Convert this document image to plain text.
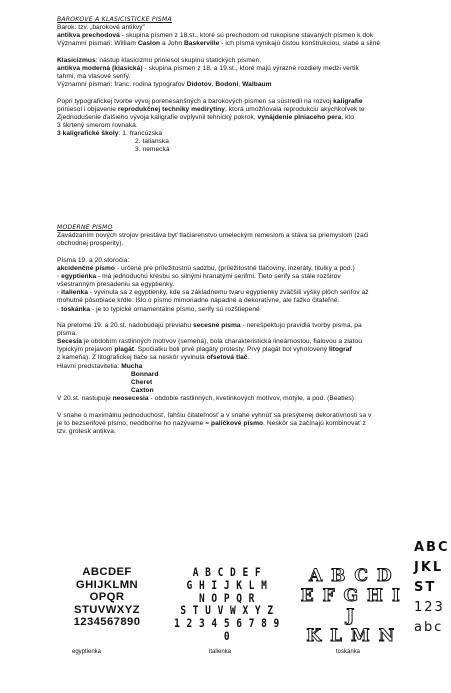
BAROKOVÉ A KLASICISTICKÉ PÍSMA

Barok: tzv. „barokové antikvy"

antikva prechodová - skupina písmen z 18.st., ktoré sú prechodom od rukopisne stavaných písmen k dok

Významní písmari: William Caslon a John Baskerville - ich písma vynikajú čistou konštrukciou, slabé a silné

Klasicizmus: nástup klasicizmu priniesol skupinu statických písmen.

antikva moderná (klasická) - skupina písmen z 18. a 19.st., ktoré majú výrazné rozdiely medzi vertik

tahmi, má vlasové serify.

Významní písmari: franc. rodina typografov Didotov, Bodoni, Walbaum

Popri typografickej tvorbe vývoj porenesanšných a barokových písmen sa sústredil na rozvoj kaligrafie

priniesol i objavenie reprodukčnej techniky medirytiny, ktorá umožňovala reprodukciu akýchkoľvek te

Zjednodušenie ďalšieho vývoja kaligrafie ovplyvnil tehnický pokrok, vynájdenie plniaceho pera, kto

3 škrtený smerom rovnaká.

3 kaligrafické školy: 1. francúzska

2. talianska

3. nemecká

MODERNÉ PÍSMO

Zavádzaním nových strojov prestáva byť tlačiarenstvo umeleckým remeslom a stáva sa priemyslom (zači

obchodnej prosperity).

Písma 19. a 20.storočia:

akcidenčné písmo - určené pre príležitostnú sadzbu, (príležitostné tlačoviny, inzeráty, titulky a pod.)

· egyptienka - má jednoduchú kresbu so silnými hranatými serifmi. Tieto serify sa stále rozširov

všestranným presadeniu sa egyptienky.

· italienka - vyvinula sa z egyptienky, kde sa základnemu tvaru egyptienky zväčšili výšky plôch serifov až

mohutné pôsobiace kŕdle. Išlo o písmo mimoriadne nápadné a dekoratívne, ale ťažko čitateľné.

· toskánka - je to typické ornamentálne písmo, serify sú rozštiepené

Na prelome 19. a 20.st. nadobúdajú previahu secesné písma - nerešpektujú pravidlá tvorby písma, pa

písma.

Secesia je obdobím rastlinných motívov (semená), bola charakteristická lineárnostou, fialovou a zlatou

typickým prejavom plagát. Spočiatku boli prvé plagáty protesty. Prvý plagát bol vyhotovený litograf

z kameňa). Z litografickej tlače sa neskôr vyvinula ofsetová tlač.

Hlavní predstavitelia: Mucha

Bonnard

Cheret

Caxton

V 20.st. nastupuje neosecesia - obdobie rastlinných, kvetinkových motívov, motýle, a pod. (Beatles)

V snahe o maximálnu jednoduchosť, ľahšiu čitateľnosť a v snahe vyhnúť sa presýtenej dekoratívnosti sa v

je to bezserifové písmo, neodborne ho nazývame = paličkové písmo. Neskôr sa začínajú kombinovať z

tzv. grotesk antikva.

ABCDEF
GHIJKLMN
OPQR
STUVWXYZ
1234567890
A B C D E F
G H I J K L M
N O P Q R
S T U V W X Y Z
1 2 3 4 5 6 7 8 9 0
A B C D
E F G H I J
K L M N
ABC
JKL
ST
123
abc
egyptienka	italienka	toskánka
